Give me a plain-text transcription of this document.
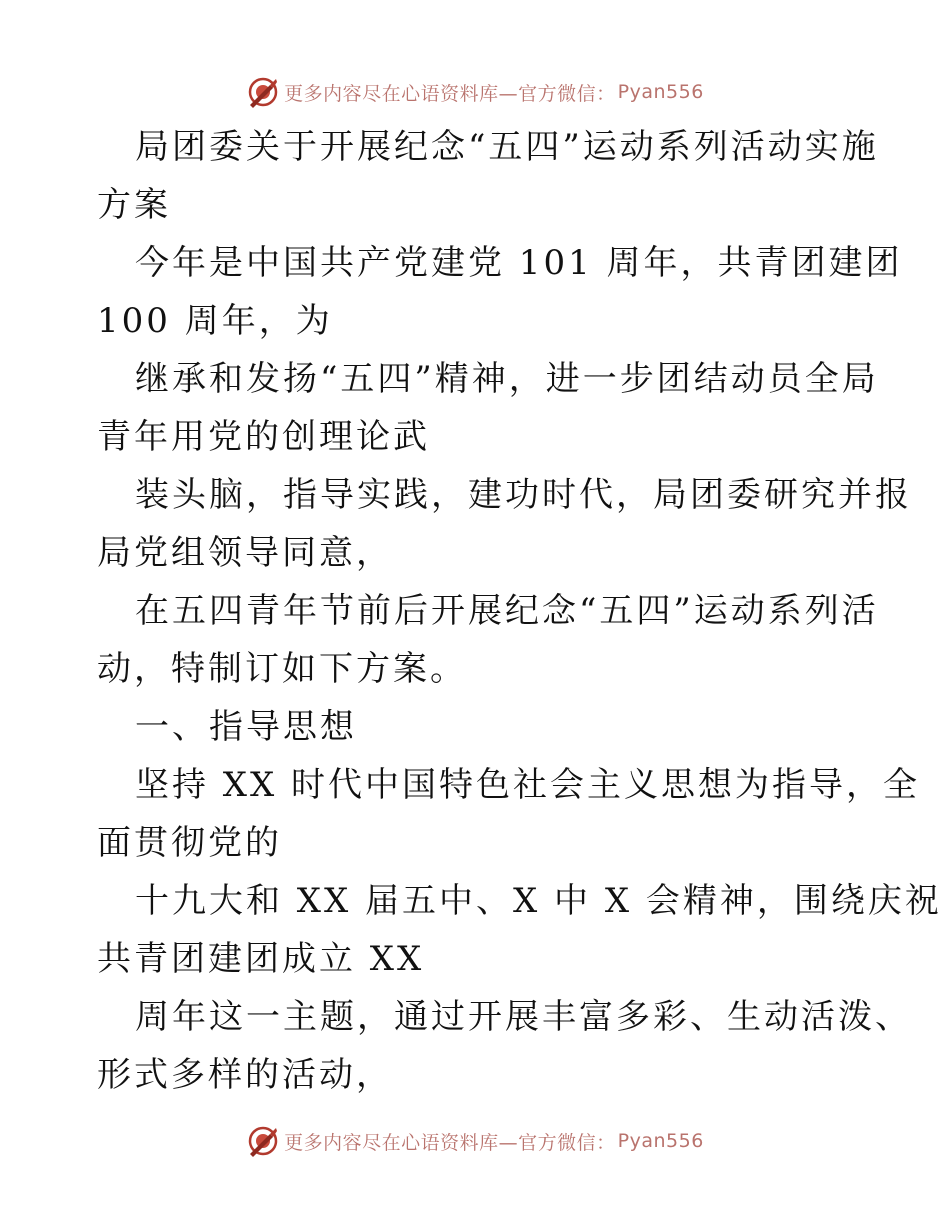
更多内容尽在心语资料库—官方微信： Pyan556
局团委关于开展纪念“五四”运动系列活动实施
方案
今年是中国共产党建党 101 周年，共青团建团
100 周年，为
继承和发扬“五四”精神，进一步团结动员全局
青年用党的创理论武
装头脑，指导实践，建功时代，局团委研究并报
局党组领导同意，
在五四青年节前后开展纪念“五四”运动系列活
动，特制订如下方案。
一、指导思想
坚持 XX 时代中国特色社会主义思想为指导，全
面贯彻党的
十九大和 XX 届五中、X 中 X 会精神，围绕庆祝
共青团建团成立 XX
周年这一主题，通过开展丰富多彩、生动活泼、
形式多样的活动，
更多内容尽在心语资料库—官方微信： Pyan556
